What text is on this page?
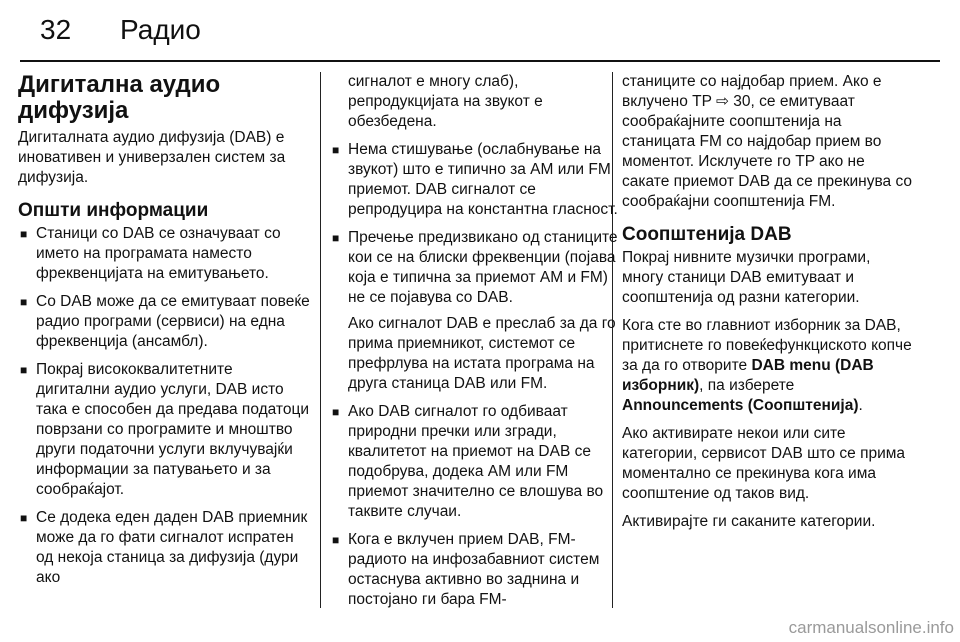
32 Радио
Дигитална аудио дифузија

Дигиталната аудио дифузија (DAB) е иновативен и универзален систем за дифузија.

Општи информации
■ Станици со DAB се означуваат со името на програмата наместо фреквенцијата на емитувањето.
■ Со DAB може да се емитуваат повеќе радио програми (сервиси) на една фреквенција (ансамбл).
■ Покрај висококвалитетните дигитални аудио услуги, DAB исто така е способен да предава податоци поврзани со програмите и мноштво други податочни услуги вклучувајќи информации за патувањето и за сообраќајот.
■ Се додека еден даден DAB приемник може да го фати сигналот испратен од некоја станица за дифузија (дури ако

сигналот е многу слаб), репродукцијата на звукот е обезбедена.

■ Нема стишување (ослабнување на звукот) што е типично за AM или FM приемот. DAB сигналот се репродуцира на константна гласност.
■ Пречење предизвикано од станиците кои се на блиски фреквенции (појава која е типична за приемот AM и FM) не се појавува со DAB.

Ако сигналот DAB е преслаб за да го прима приемникот, системот се префрлува на истата програма на друга станица DAB или FM.

■ Ако DAB сигналот го одбиваат природни пречки или згради, квалитетот на приемот на DAB се подобрува, додека AM или FM приемот значително се влошува во таквите случаи.
■ Кога е вклучен прием DAB, FM-радиото на инфозабавниот систем остаснува активно во заднина и постојано ги бара FM-

станиците со најдобар прием. Ако е вклучено TP ⇨ 30, се емитуваат сообраќајните соопштенија на станицата FM со најдобар прием во моментот. Исклучете го TP ако не сакате приемот DAB да се прекинува со сообраќајни соопштенија FM.

Соопштенија DAB

Покрај нивните музички програми, многу станици DAB емитуваат и соопштенија од разни категории.

Кога сте во главниот изборник за DAB, притиснете го повеќефункциското копче за да го отворите DAB menu (DAB изборник), па изберете Announcements (Соопштенија).

Ако активирате некои или сите категории, сервисот DAB што се прима моментално се прекинува кога има соопштение од таков вид.

Активирајте ги саканите категории.

carmanualsonline.info
